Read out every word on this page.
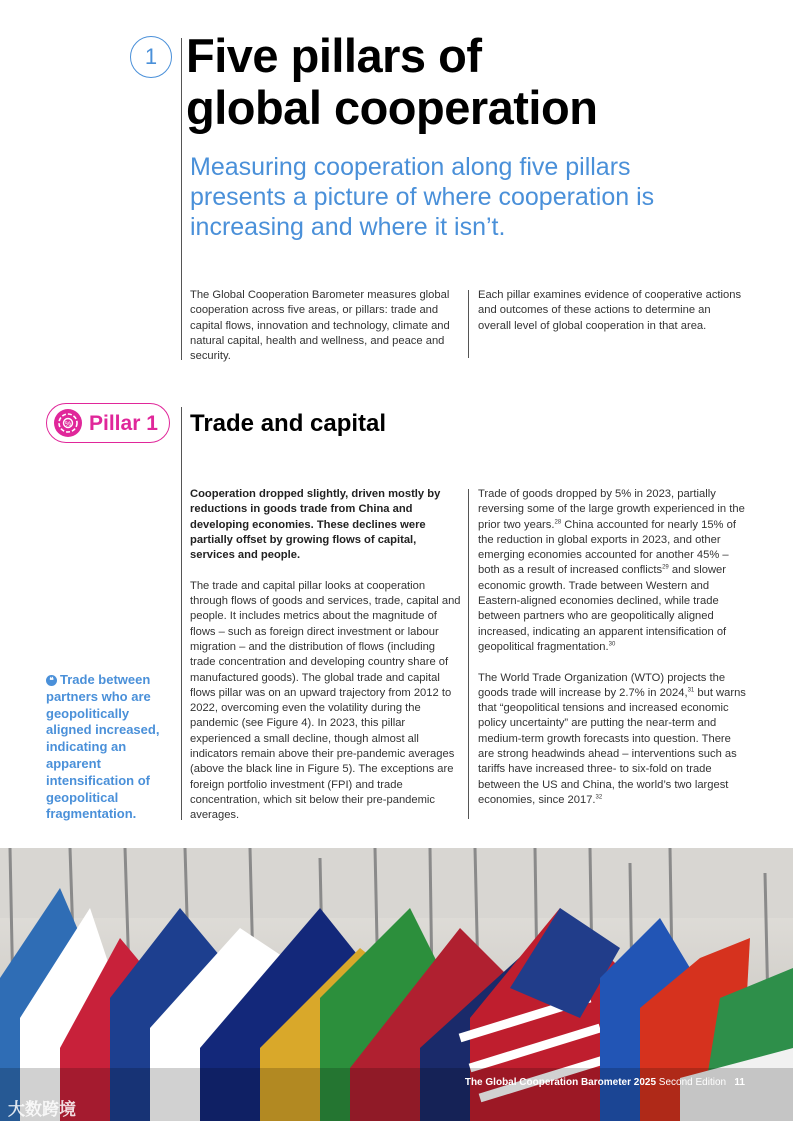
1 Five pillars of
global cooperation

Measuring cooperation along five pillars presents a picture of where cooperation is increasing and where it isn’t.

The Global Cooperation Barometer measures global cooperation across five areas, or pillars: trade and capital flows, innovation and technology, climate and natural capital, health and wellness, and peace and security.

Each pillar examines evidence of cooperative actions and outcomes of these actions to determine an overall level of global cooperation in that area.

% Pillar 1 Trade and capital

Cooperation dropped slightly, driven mostly by reductions in goods trade from China and developing economies. These declines were partially offset by growing flows of capital, services and people.

The trade and capital pillar looks at cooperation through flows of goods and services, trade, capital and people. It includes metrics about the magnitude of flows – such as foreign direct investment or labour migration – and the distribution of flows (including trade concentration and developing country share of manufactured goods). The global trade and capital flows pillar was on an upward trajectory from 2012 to 2022, overcoming even the volatility during the pandemic (see Figure 4). In 2023, this pillar experienced a small decline, though almost all indicators remain above their pre-pandemic averages (above the black line in Figure 5). The exceptions are foreign portfolio investment (FPI) and trade concentration, which sit below their pre-pandemic averages.

Trade of goods dropped by 5% in 2023, partially reversing some of the large growth experienced in the prior two years.$^{28}$ China accounted for nearly 15% of the reduction in global exports in 2023, and other emerging economies accounted for another 45% – both as a result of increased conflicts$^{29}$ and slower economic growth. Trade between Western and Eastern-aligned economies declined, while trade between partners who are geopolitically aligned increased, indicating an apparent intensification of geopolitical fragmentation.$^{30}$

The World Trade Organization (WTO) projects the goods trade will increase by 2.7% in 2024,31 but warns that “geopolitical tensions and increased economic policy uncertainty” are putting the near-term and medium-term growth forecasts into question. There are strong headwinds ahead – interventions such as tariffs have increased three- to six-fold on trade between the US and China, the world’s two largest economies, since 2017.32

❝ Trade between partners who are geopolitically aligned increased, indicating an apparent intensification of geopolitical fragmentation.

The Global Cooperation Barometer 2025 Second Edition 11
大数跨境
